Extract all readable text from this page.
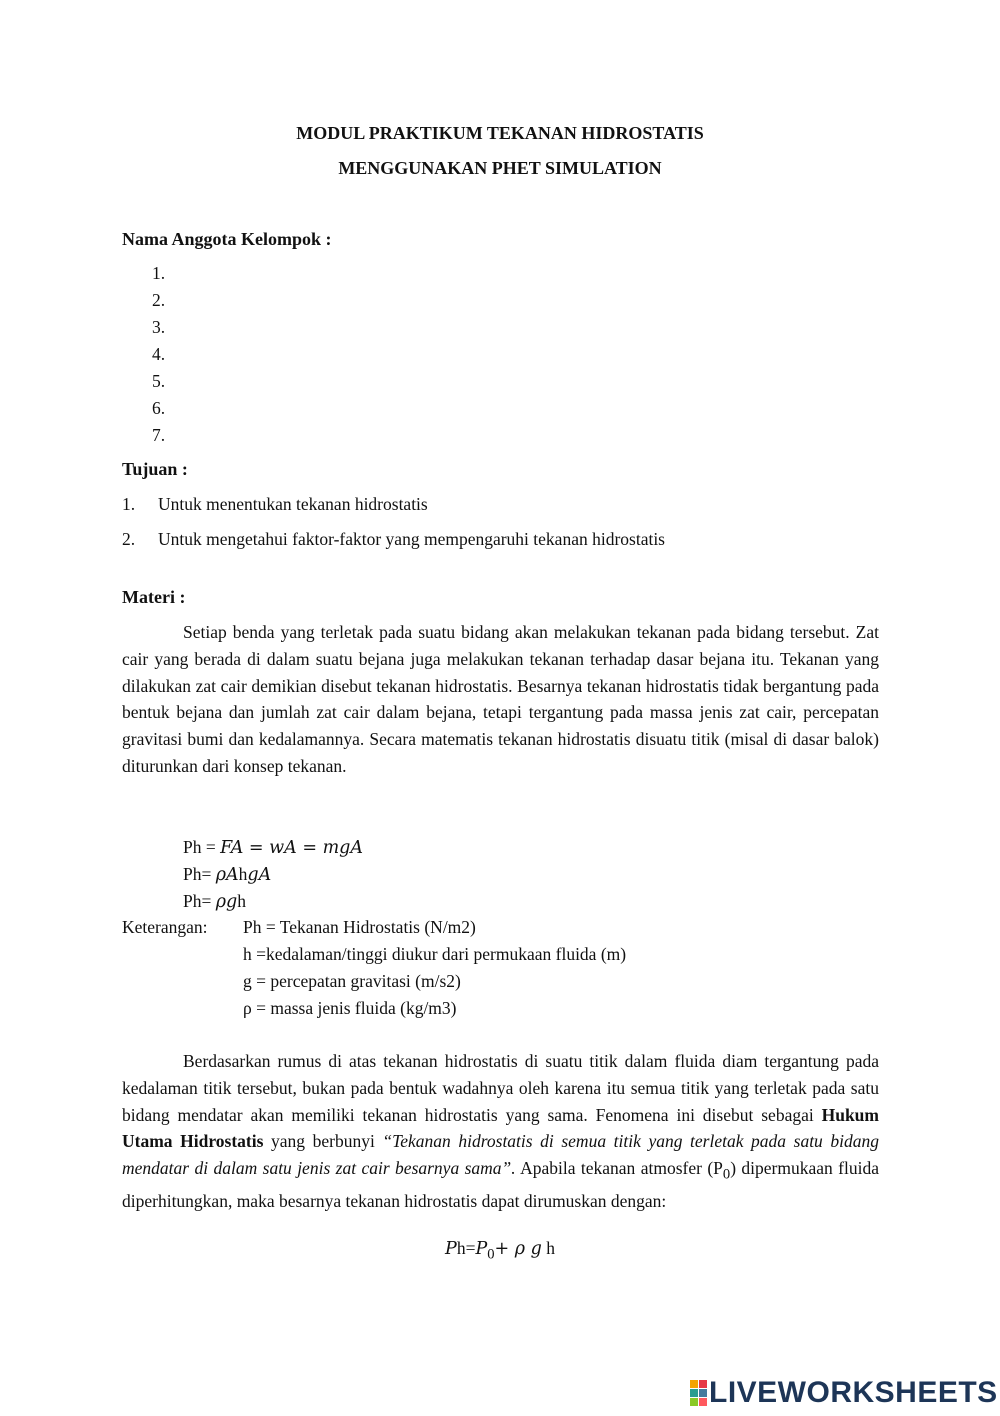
MODUL PRAKTIKUM TEKANAN HIDROSTATIS
MENGGUNAKAN PHET SIMULATION
Nama Anggota Kelompok :
1.
2.
3.
4.
5.
6.
7.
Tujuan :
1. Untuk menentukan tekanan hidrostatis
2. Untuk mengetahui faktor-faktor yang mempengaruhi tekanan hidrostatis
Materi :
Setiap benda yang terletak pada suatu bidang akan melakukan tekanan pada bidang tersebut. Zat cair yang berada di dalam suatu bejana juga melakukan tekanan terhadap dasar bejana itu. Tekanan yang dilakukan zat cair demikian disebut tekanan hidrostatis. Besarnya tekanan hidrostatis tidak bergantung pada bentuk bejana dan jumlah zat cair dalam bejana, tetapi tergantung pada massa jenis zat cair, percepatan gravitasi bumi dan kedalamannya. Secara matematis tekanan hidrostatis disuatu titik (misal di dasar balok) diturunkan dari konsep tekanan.
Ph = FA = wA = mgA
Ph= ρAhgA
Ph= ρgh
Keterangan: Ph = Tekanan Hidrostatis (N/m2)
h =kedalaman/tinggi diukur dari permukaan fluida (m)
g = percepatan gravitasi (m/s2)
ρ = massa jenis fluida (kg/m3)
Berdasarkan rumus di atas tekanan hidrostatis di suatu titik dalam fluida diam tergantung pada kedalaman titik tersebut, bukan pada bentuk wadahnya oleh karena itu semua titik yang terletak pada satu bidang mendatar akan memiliki tekanan hidrostatis yang sama. Fenomena ini disebut sebagai Hukum Utama Hidrostatis yang berbunyi “Tekanan hidrostatis di semua titik yang terletak pada satu bidang mendatar di dalam satu jenis zat cair besarnya sama”. Apabila tekanan atmosfer $(P_0)$ dipermukaan fluida diperhitungkan, maka besarnya tekanan hidrostatis dapat dirumuskan dengan:
$Ph=P_0+ \rho$ g h
LIVEWORKSHEETS
